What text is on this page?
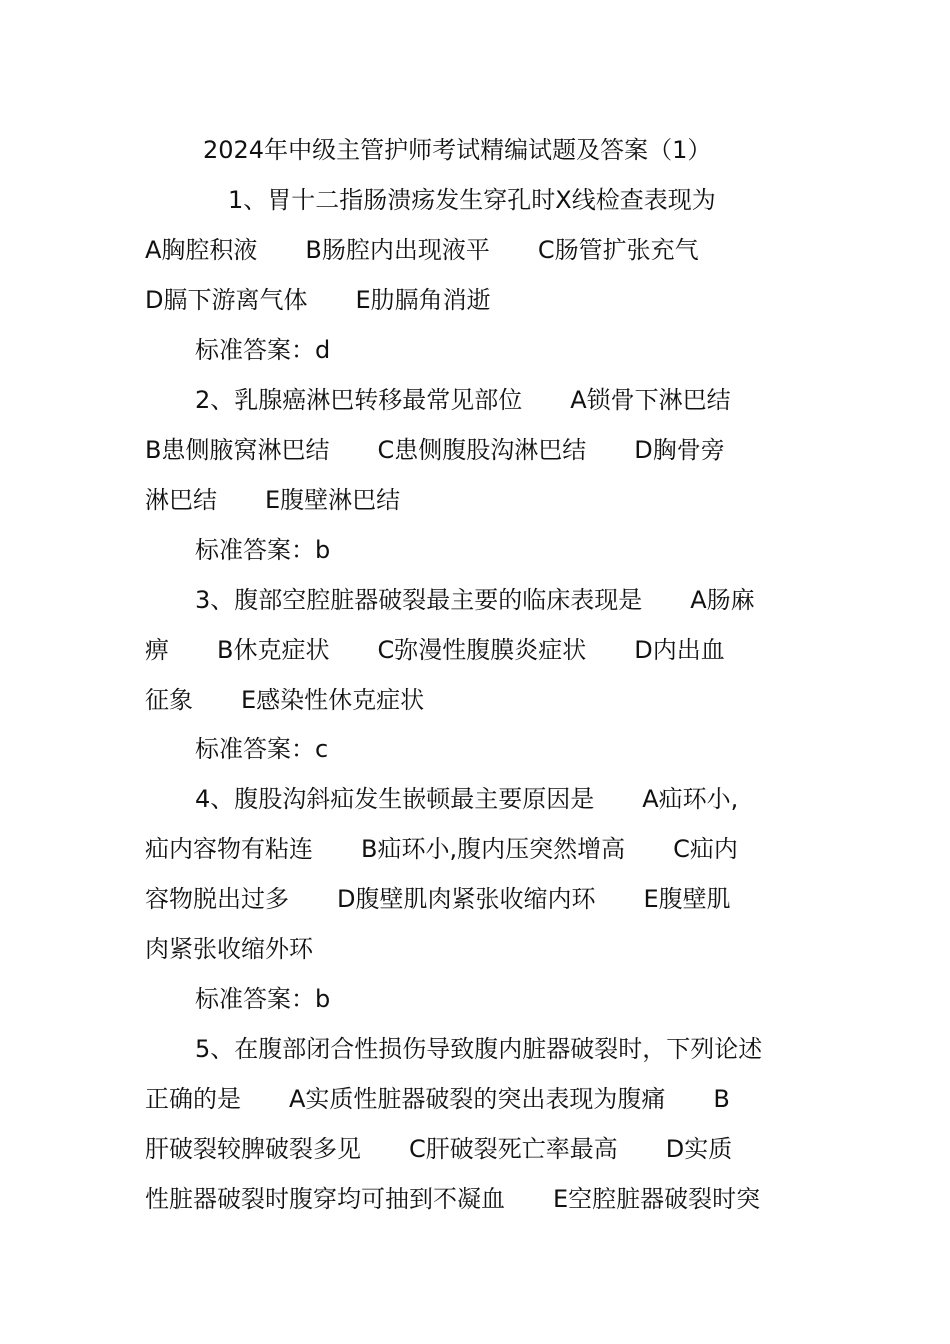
2024年中级主管护师考试精编试题及答案（1）
1、胃十二指肠溃疡发生穿孔时X线检查表现为
A胸腔积液　　B肠腔内出现液平　　C肠管扩张充气
D膈下游离气体　　E肋膈角消逝
标准答案：d
2、乳腺癌淋巴转移最常见部位　　A锁骨下淋巴结
B患侧腋窝淋巴结　　C患侧腹股沟淋巴结　　D胸骨旁
淋巴结　　E腹壁淋巴结
标准答案：b
3、腹部空腔脏器破裂最主要的临床表现是　　A肠麻
痹　　B休克症状　　C弥漫性腹膜炎症状　　D内出血
征象　　E感染性休克症状
标准答案：c
4、腹股沟斜疝发生嵌顿最主要原因是　　A疝环小,
疝内容物有粘连　　B疝环小,腹内压突然增高　　C疝内
容物脱出过多　　D腹壁肌肉紧张收缩内环　　E腹壁肌
肉紧张收缩外环
标准答案：b
5、在腹部闭合性损伤导致腹内脏器破裂时，下列论述
正确的是　　A实质性脏器破裂的突出表现为腹痛　　B
肝破裂较脾破裂多见　　C肝破裂死亡率最高　　D实质
性脏器破裂时腹穿均可抽到不凝血　　E空腔脏器破裂时突
